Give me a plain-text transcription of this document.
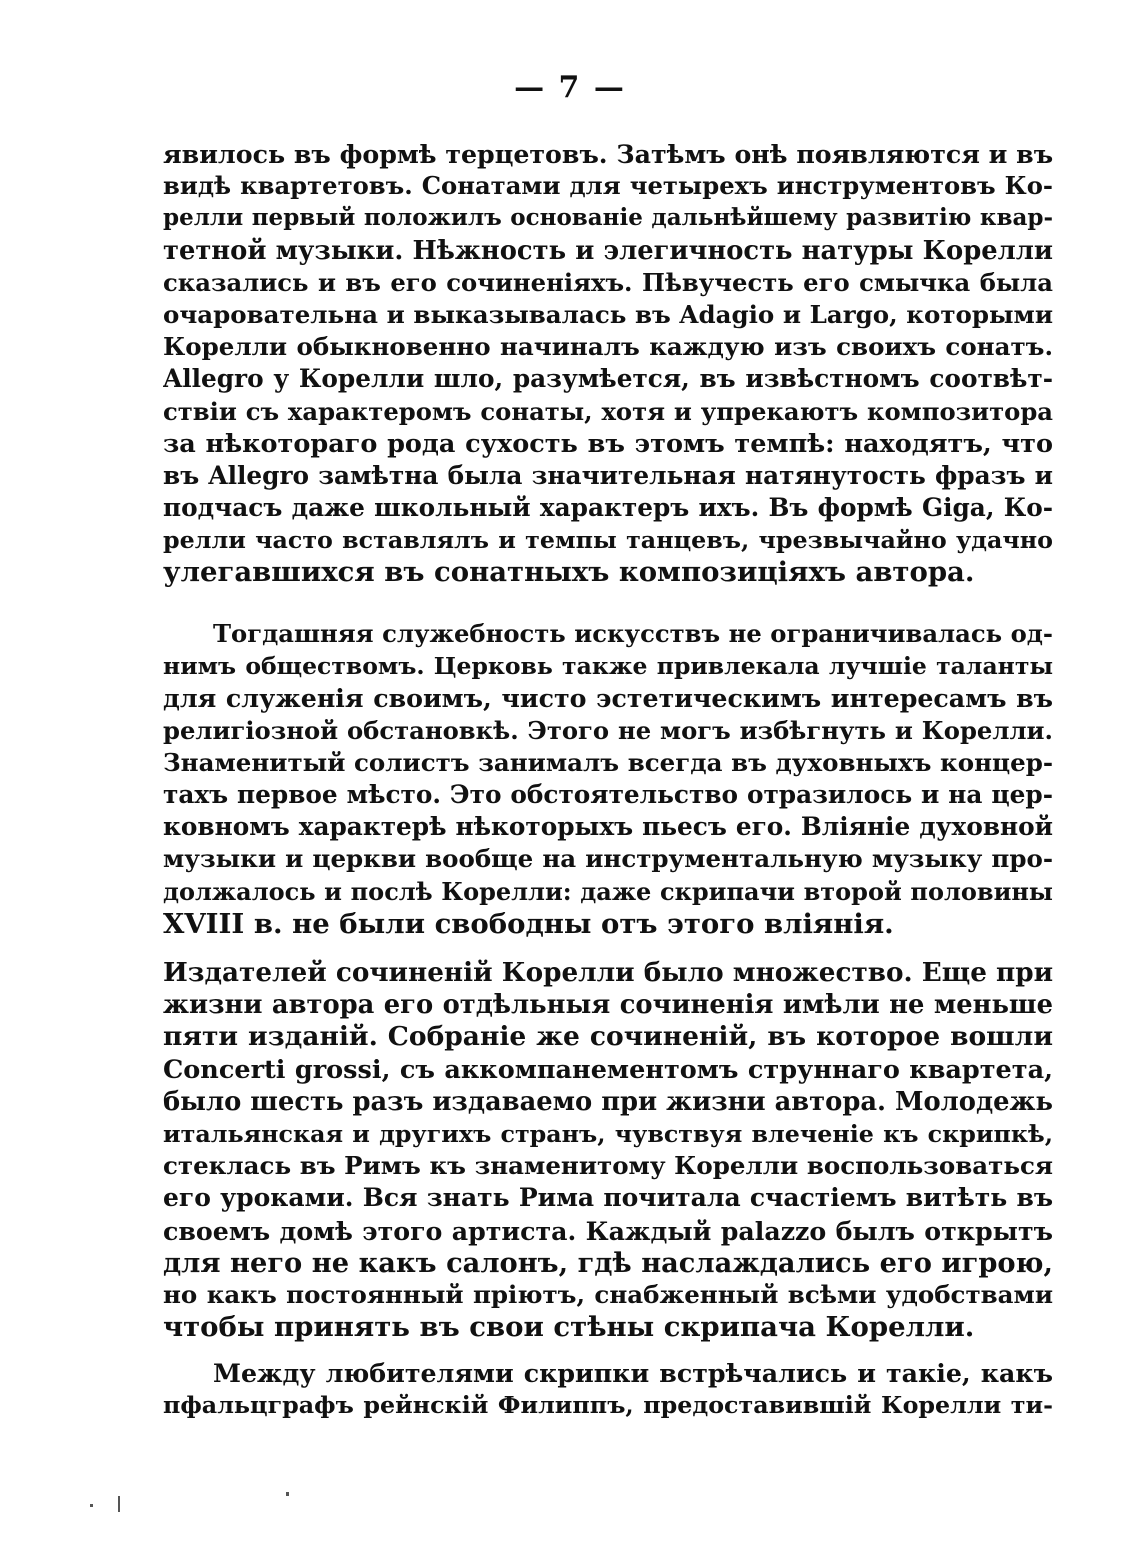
— 7 —
явилось въ формѣ терцетовъ. Затѣмъ онѣ появляются и въ
видѣ квартетовъ. Сонатами для четырехъ инструментовъ Ко-
релли первый положилъ основанiе дальнѣйшему развитiю квар-
тетной музыки. Нѣжность и элегичность натуры Корелли
сказались и въ его сочиненiяхъ. Пѣвучесть его смычка была
очаровательна и выказывалась въ Adagio и Largo, которыми
Корелли обыкновенно начиналъ каждую изъ своихъ сонатъ.
Allegro у Корелли шло, разумѣется, въ извѣстномъ соотвѣт-
ствiи съ характеромъ сонаты, хотя и упрекаютъ композитора
за нѣкотораго рода сухость въ этомъ темпѣ: находятъ, что
въ Allegro замѣтна была значительная натянутость фразъ и
подчасъ даже школьный характеръ ихъ. Въ формѣ Giga, Ко-
релли часто вставлялъ и темпы танцевъ, чрезвычайно удачно
улегавшихся въ сонатныхъ композицiяхъ автора.
Тогдашняя служебность искусствъ не ограничивалась од-
нимъ обществомъ. Церковь также привлекала лучшiе таланты
для служенiя своимъ, чисто эстетическимъ интересамъ въ
религiозной обстановкѣ. Этого не могъ избѣгнуть и Корелли.
Знаменитый солистъ занималъ всегда въ духовныхъ концер-
тахъ первое мѣсто. Это обстоятельство отразилось и на цер-
ковномъ характерѣ нѣкоторыхъ пьесъ его. Влiянiе духовной
музыки и церкви вообще на инструментальную музыку про-
должалось и послѣ Корелли: даже скрипачи второй половины
XVIII в. не были свободны отъ этого влiянiя.
Издателей сочиненiй Корелли было множество. Еще при
жизни автора его отдѣльныя сочиненiя имѣли не меньше
пяти изданiй. Собранiе же сочиненiй, въ которое вошли
Concerti grossi, съ аккомпанементомъ струннаго квартета,
было шесть разъ издаваемо при жизни автора. Молодежь
итальянская и другихъ странъ, чувствуя влеченiе къ скрипкѣ,
стеклась въ Римъ къ знаменитому Корелли воспользоваться
его уроками. Вся знать Рима почитала счастiемъ витѣть въ
своемъ домѣ этого артиста. Каждый palazzo былъ открытъ
для него не какъ салонъ, гдѣ наслаждались его игрою,
но какъ постоянный прiютъ, снабженный всѣми удобствами
чтобы принять въ свои стѣны скрипача Корелли.
Между любителями скрипки встрѣчались и такiе, какъ
пфальцграфъ рейнскiй Филиппъ, предоставившiй Корелли ти-
